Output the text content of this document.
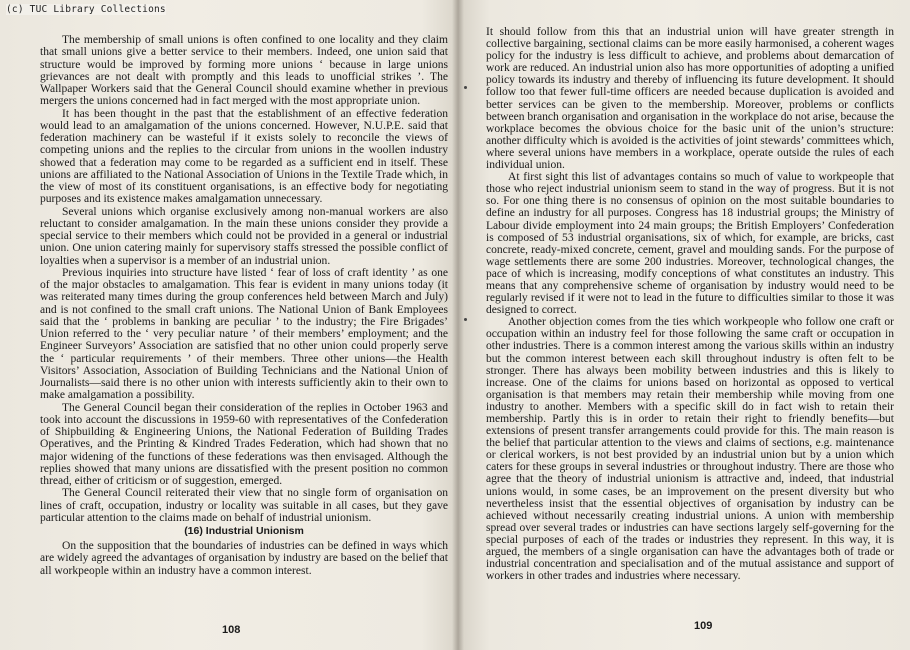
The membership of small unions is often confined to one locality and they claim that small unions give a better service to their members. Indeed, one union said that structure would be improved by forming more unions ‘ because in large unions grievances are not dealt with promptly and this leads to unofficial strikes ’. The Wallpaper Workers said that the General Council should examine whether in previous mergers the unions concerned had in fact merged with the most appropriate union.

It has been thought in the past that the establishment of an effective federation would lead to an amalgamation of the unions concerned. However, N.U.P.E. said that federation machinery can be wasteful if it exists solely to reconcile the views of competing unions and the replies to the circular from unions in the woollen industry showed that a federation may come to be regarded as a sufficient end in itself. These unions are affiliated to the National Association of Unions in the Textile Trade which, in the view of most of its constituent organisations, is an effective body for negotiating purposes and its existence makes amalgamation unnecessary.

Several unions which organise exclusively among non-manual workers are also reluctant to consider amalgamation. In the main these unions consider they provide a special service to their members which could not be provided in a general or industrial union. One union catering mainly for supervisory staffs stressed the possible conflict of loyalties when a supervisor is a member of an industrial union.

Previous inquiries into structure have listed ‘ fear of loss of craft identity ’ as one of the major obstacles to amalgamation. This fear is evident in many unions today (it was reiterated many times during the group conferences held between March and July) and is not confined to the small craft unions. The National Union of Bank Employees said that the ‘ problems in banking are peculiar ’ to the industry; the Fire Brigades’ Union referred to the ‘ very peculiar nature ’ of their members’ employment; and the Engineer Surveyors’ Association are satisfied that no other union could properly serve the ‘ particular requirements ’ of their members. Three other unions—the Health Visitors’ Association, Association of Building Technicians and the National Union of Journalists—said there is no other union with interests sufficiently akin to their own to make amalgamation a possibility.

The General Council began their consideration of the replies in October 1963 and took into account the discussions in 1959-60 with representatives of the Confederation of Shipbuilding & Engineering Unions, the National Federation of Building Trades Operatives, and the Printing & Kindred Trades Federation, which had shown that no major widening of the functions of these federations was then envisaged. Although the replies showed that many unions are dissatisfied with the present position no common thread, either of criticism or of suggestion, emerged.

The General Council reiterated their view that no single form of organisation on lines of craft, occupation, industry or locality was suitable in all cases, but they gave particular attention to the claims made on behalf of industrial unionism.

(16) Industrial Unionism

On the supposition that the boundaries of industries can be defined in ways which are widely agreed the advantages of organisation by industry are based on the belief that all workpeople within an industry have a common interest.

108

It should follow from this that an industrial union will have greater strength in collective bargaining, sectional claims can be more easily harmonised, a coherent wages policy for the industry is less difficult to achieve, and problems about demarcation of work are reduced. An industrial union also has more opportunities of adopting a unified policy towards its industry and thereby of influencing its future development. It should follow too that fewer full-time officers are needed because duplication is avoided and better services can be given to the membership. Moreover, problems or conflicts between branch organisation and organisation in the workplace do not arise, because the workplace becomes the obvious choice for the basic unit of the union’s structure: another difficulty which is avoided is the activities of joint stewards’ committees which, where several unions have members in a workplace, operate outside the rules of each individual union.

At first sight this list of advantages contains so much of value to workpeople that those who reject industrial unionism seem to stand in the way of progress. But it is not so. For one thing there is no consensus of opinion on the most suitable boundaries to define an industry for all purposes. Congress has 18 industrial groups; the Ministry of Labour divide employment into 24 main groups; the British Employers’ Confederation is composed of 53 industrial organisations, six of which, for example, are bricks, cast concrete, ready-mixed concrete, cement, gravel and moulding sands. For the purpose of wage settlements there are some 200 industries. Moreover, technological changes, the pace of which is increasing, modify conceptions of what constitutes an industry. This means that any comprehensive scheme of organisation by industry would need to be regularly revised if it were not to lead in the future to difficulties similar to those it was designed to correct.

Another objection comes from the ties which workpeople who follow one craft or occupation within an industry feel for those following the same craft or occupation in other industries. There is a common interest among the various skills within an industry but the common interest between each skill throughout industry is often felt to be stronger. There has always been mobility between industries and this is likely to increase. One of the claims for unions based on horizontal as opposed to vertical organisation is that members may retain their membership while moving from one industry to another. Members with a specific skill do in fact wish to retain their membership. Partly this is in order to retain their right to friendly benefits—but extensions of present transfer arrangements could provide for this. The main reason is the belief that particular attention to the views and claims of sections, e.g. maintenance or clerical workers, is not best provided by an industrial union but by a union which caters for these groups in several industries or throughout industry. There are those who agree that the theory of industrial unionism is attractive and, indeed, that industrial unions would, in some cases, be an improvement on the present diversity but who nevertheless insist that the essential objectives of organisation by industry can be achieved without necessarily creating industrial unions. A union with membership spread over several trades or industries can have sections largely self-governing for the special purposes of each of the trades or industries they represent. In this way, it is argued, the members of a single organisation can have the advantages both of trade or industrial concentration and specialisation and of the mutual assistance and support of workers in other trades and industries where necessary.

109
(c) TUC Library Collections
